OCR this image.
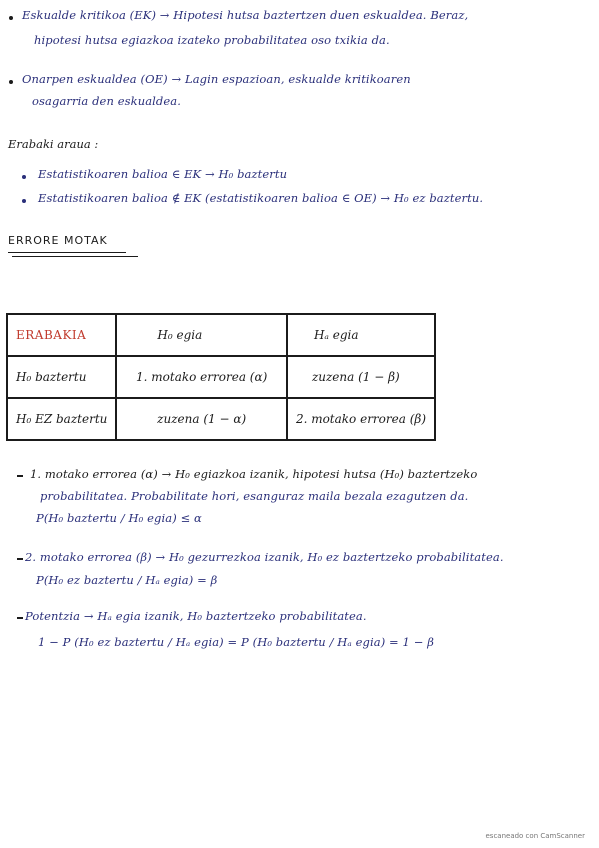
Eskualde kritikoa (EK) → Hipotesi hutsa baztertzen duen eskualdea. Beraz,
hipotesi hutsa egiazkoa izateko probabilitatea oso txikia da.
Onarpen eskualdea (OE) → Lagin espazioan, eskualde kritikoaren
osagarria den eskualdea.
Erabaki araua :
Estatistikoaren balioa ∈ EK → H₀ baztertu
Estatistikoaren balioa ∉ EK (estatistikoaren balioa ∈ OE) → H₀ ez baztertu.
ERRORE MOTAK
ERABAKIA	H₀ egia	Hₐ egia
H₀ baztertu	1. motako errorea (α)	zuzena (1 − β)
H₀ EZ baztertu	zuzena (1 − α)	2. motako errorea (β)
1. motako errorea (α) → H₀ egiazkoa izanik, hipotesi hutsa (H₀) baztertzeko
probabilitatea. Probabilitate hori, esanguraz maila bezala ezagutzen da.
P(H₀ baztertu / H₀ egia) ≤ α
2. motako errorea (β) → H₀ gezurrezkoa izanik, H₀ ez baztertzeko probabilitatea.
P(H₀ ez baztertu / Hₐ egia) = β
Potentzia → Hₐ egia izanik, H₀ baztertzeko probabilitatea.
1 − P (H₀ ez baztertu / Hₐ egia) = P (H₀ baztertu / Hₐ egia) = 1 − β
escaneado con CamScanner
